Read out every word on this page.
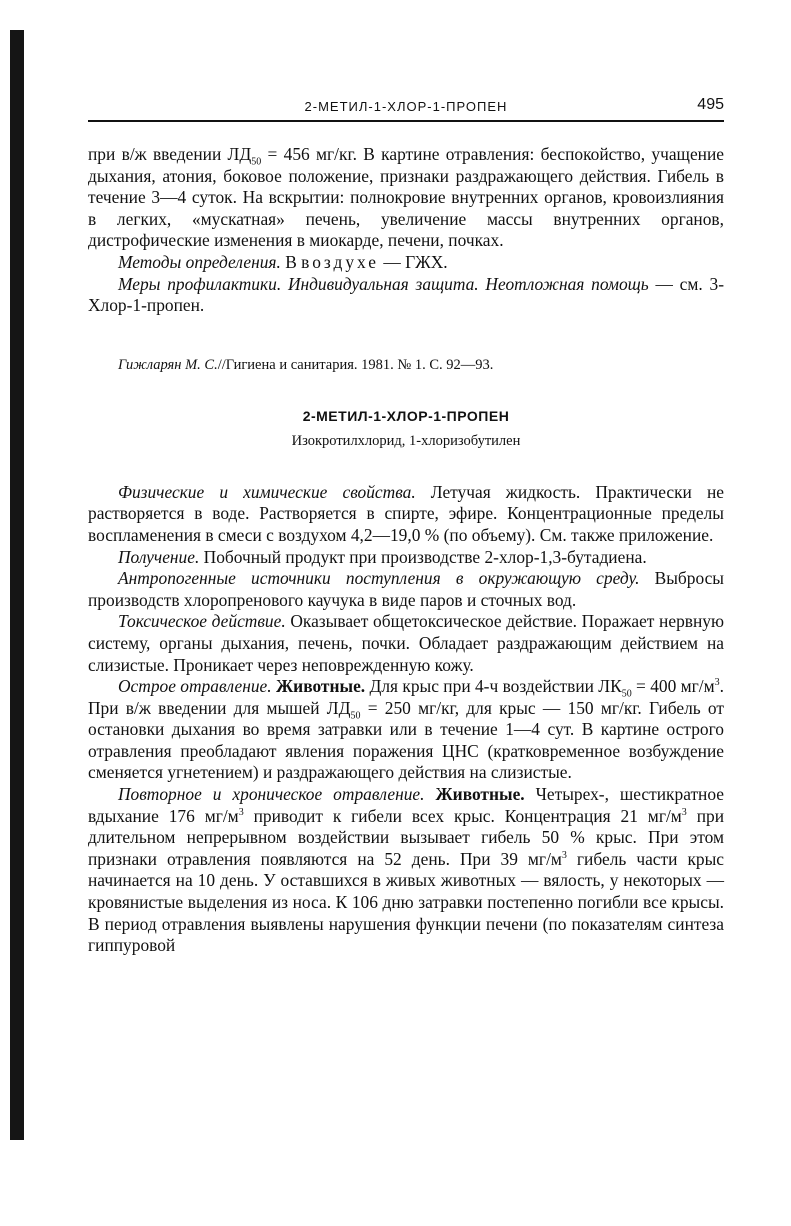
2-МЕТИЛ-1-ХЛОР-1-ПРОПЕН	495

при в/ж введении $ЛД_{50} = 456$ мг/кг. В картине отравления: беспокойство, учащение дыхания, атония, боковое положение, признаки раздражающего действия. Гибель в течение 3—4 суток. На вскрытии: полнокровие внутренних органов, кровоизлияния в легких, «мускатная» печень, увеличение массы внутренних органов, дистрофические изменения в миокарде, печени, почках.

Методы определения. В воздухе — ГЖХ.

Меры профилактики. Индивидуальная защита. Неотложная помощь — см. 3-Хлор-1-пропен.

Гижларян М. С.//Гигиена и санитария. 1981. № 1. С. 92—93.

2-МЕТИЛ-1-ХЛОР-1-ПРОПЕН
Изокротилхлорид, 1-хлоризобутилен

Физические и химические свойства. Летучая жидкость. Практически не растворяется в воде. Растворяется в спирте, эфире. Концентрационные пределы воспламенения в смеси с воздухом 4,2—19,0 % (по объему). См. также приложение.

Получение. Побочный продукт при производстве 2-хлор-1,3-бутадиена.

Антропогенные источники поступления в окружающую среду. Выбросы производств хлоропренового каучука в виде паров и сточных вод.

Токсическое действие. Оказывает общетоксическое действие. Поражает нервную систему, органы дыхания, печень, почки. Обладает раздражающим действием на слизистые. Проникает через неповрежденную кожу.

Острое отравление. Животные. Для крыс при 4-ч воздействии $ЛК_{50} = 400$ $мг/м^3$. При в/ж введении для мышей $ЛД_{50} = 250$ мг/кг, для крыс — 150 мг/кг. Гибель от остановки дыхания во время затравки или в течение 1—4 сут. В картине острого отравления преобладают явления поражения ЦНС (кратковременное возбуждение сменяется угнетением) и раздражающего действия на слизистые.

Повторное и хроническое отравление. Животные. Четырех-, шестикратное вдыхание 176 $мг/м^3$ приводит к гибели всех крыс. Концентрация 21 $мг/м^3$ при длительном непрерывном воздействии вызывает гибель 50 % крыс. При этом признаки отравления появляются на 52 день. При 39 $мг/м^3$ гибель части крыс начинается на 10 день. У оставшихся в живых животных — вялость, у некоторых — кровянистые выделения из носа. К 106 дню затравки постепенно погибли все крысы. В период отравления выявлены нарушения функции печени (по показателям синтеза гиппуровой
